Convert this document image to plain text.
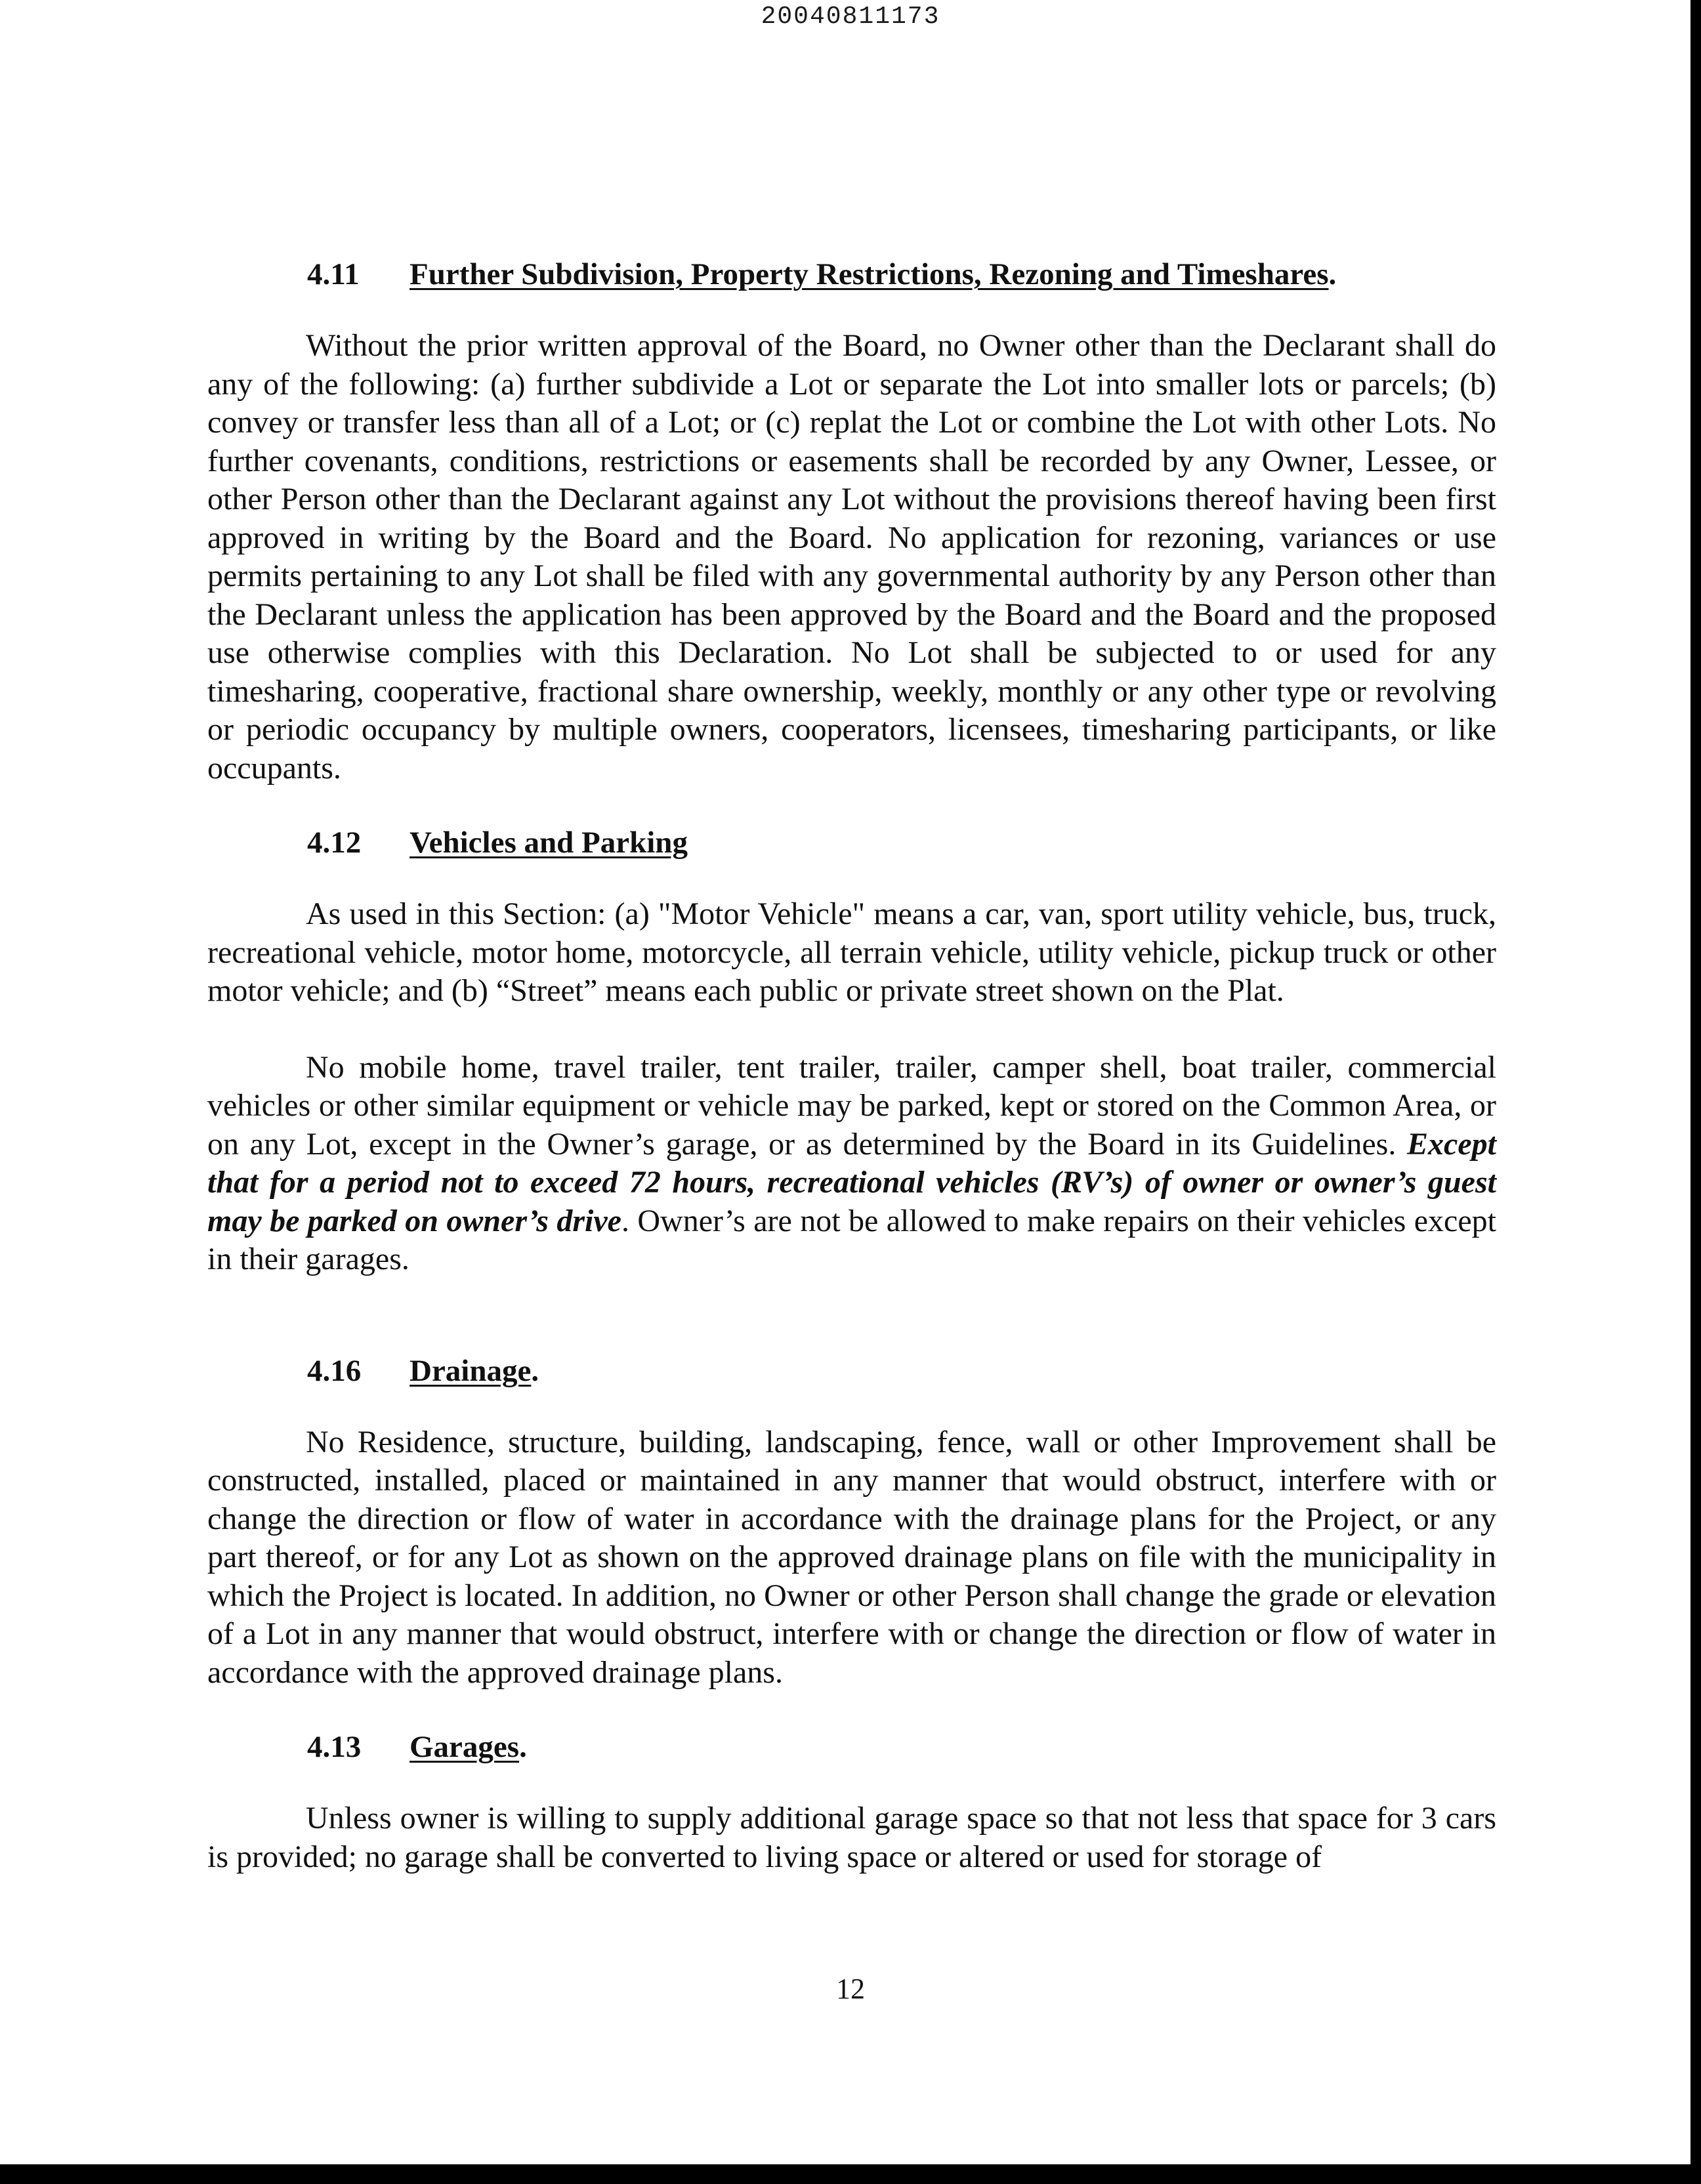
20040811173
4.11 Further Subdivision, Property Restrictions, Rezoning and Timeshares.

Without the prior written approval of the Board, no Owner other than the Declarant shall do any of the following: (a) further subdivide a Lot or separate the Lot into smaller lots or parcels; (b) convey or transfer less than all of a Lot; or (c) replat the Lot or combine the Lot with other Lots. No further covenants, conditions, restrictions or easements shall be recorded by any Owner, Lessee, or other Person other than the Declarant against any Lot without the provisions thereof having been first approved in writing by the Board and the Board. No application for rezoning, variances or use permits pertaining to any Lot shall be filed with any governmental authority by any Person other than the Declarant unless the application has been approved by the Board and the Board and the proposed use otherwise complies with this Declaration. No Lot shall be subjected to or used for any timesharing, cooperative, fractional share ownership, weekly, monthly or any other type or revolving or periodic occupancy by multiple owners, cooperators, licensees, timesharing participants, or like occupants.

4.12 Vehicles and Parking

As used in this Section: (a) "Motor Vehicle" means a car, van, sport utility vehicle, bus, truck, recreational vehicle, motor home, motorcycle, all terrain vehicle, utility vehicle, pickup truck or other motor vehicle; and (b) “Street” means each public or private street shown on the Plat.

No mobile home, travel trailer, tent trailer, trailer, camper shell, boat trailer, commercial vehicles or other similar equipment or vehicle may be parked, kept or stored on the Common Area, or on any Lot, except in the Owner’s garage, or as determined by the Board in its Guidelines. Except that for a period not to exceed 72 hours, recreational vehicles (RV’s) of owner or owner’s guest may be parked on owner’s drive. Owner’s are not be allowed to make repairs on their vehicles except in their garages.

4.16 Drainage.

No Residence, structure, building, landscaping, fence, wall or other Improvement shall be constructed, installed, placed or maintained in any manner that would obstruct, interfere with or change the direction or flow of water in accordance with the drainage plans for the Project, or any part thereof, or for any Lot as shown on the approved drainage plans on file with the municipality in which the Project is located. In addition, no Owner or other Person shall change the grade or elevation of a Lot in any manner that would obstruct, interfere with or change the direction or flow of water in accordance with the approved drainage plans.

4.13 Garages.

Unless owner is willing to supply additional garage space so that not less that space for 3 cars is provided; no garage shall be converted to living space or altered or used for storage of

12
